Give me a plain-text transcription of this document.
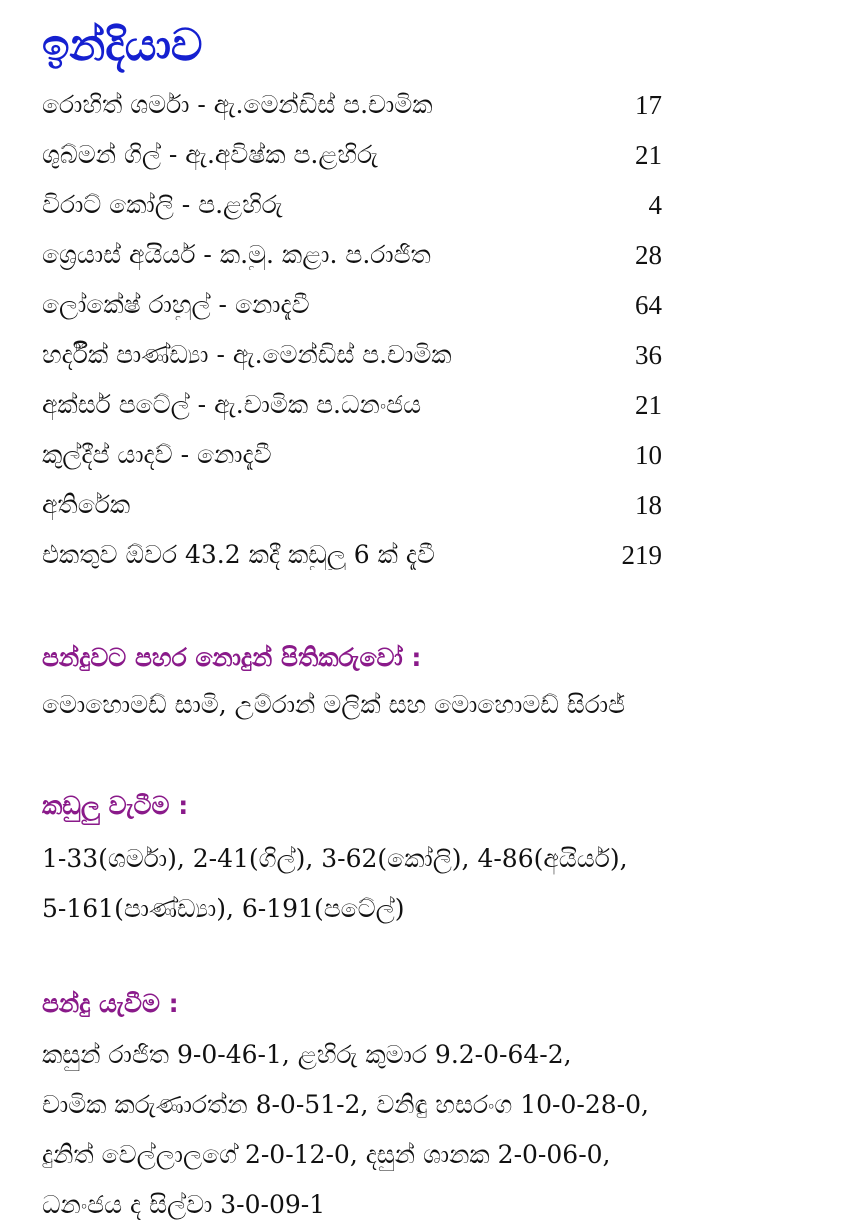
ඉන්දියාව
රොහිත් ශර්මා - ඇ.මෙන්ඩිස් ප.චාමික	17
ශුබ්මන් ගිල් - ඇ.අවිෂ්ක ප.ළහිරු	21
විරාට් කෝලි - ප.ළහිරු	4
ශ්‍රෙයාස් අයියර් - ක.මු. කළා. ප.රාජිත	28
ලෝකේෂ් රාහුල් - නොදැවී	64
හර්දීක් පාණ්ඩ්‍යා - ඇ.මෙන්ඩිස් ප.චාමික	36
අක්සර් පටේල් - ඇ.චාමික ප.ධනංජය	21
කුල්දීප් යාදව් - නොදැවී	10
අතිරේක	18
එකතුව ඕවර 43.2 කදී කඩුලු 6 ක් දැවී	219
පන්දුවට පහර නොදුන් පිතිකරුවෝ :
මොහොමඩ් සාමි, උම්රාන් මලික් සහ මොහොමඩ් සිරාජ්
කඩුලු වැටීම :
1-33(ශර්මා), 2-41(ගිල්), 3-62(කෝලි), 4-86(අයියර්),
5-161(පාණ්ඩ්‍යා), 6-191(පටේල්)
පන්දු යැවීම :
කසුන් රාජිත 9-0-46-1, ළහිරු කුමාර 9.2-0-64-2,
චාමික කරුණාරත්න 8-0-51-2, වනිඳු හසරංග 10-0-28-0,
දුනිත් වෙල්ලාලගේ 2-0-12-0, දසුන් ශානක 2-0-06-0,
ධනංජය ද සිල්වා 3-0-09-1
